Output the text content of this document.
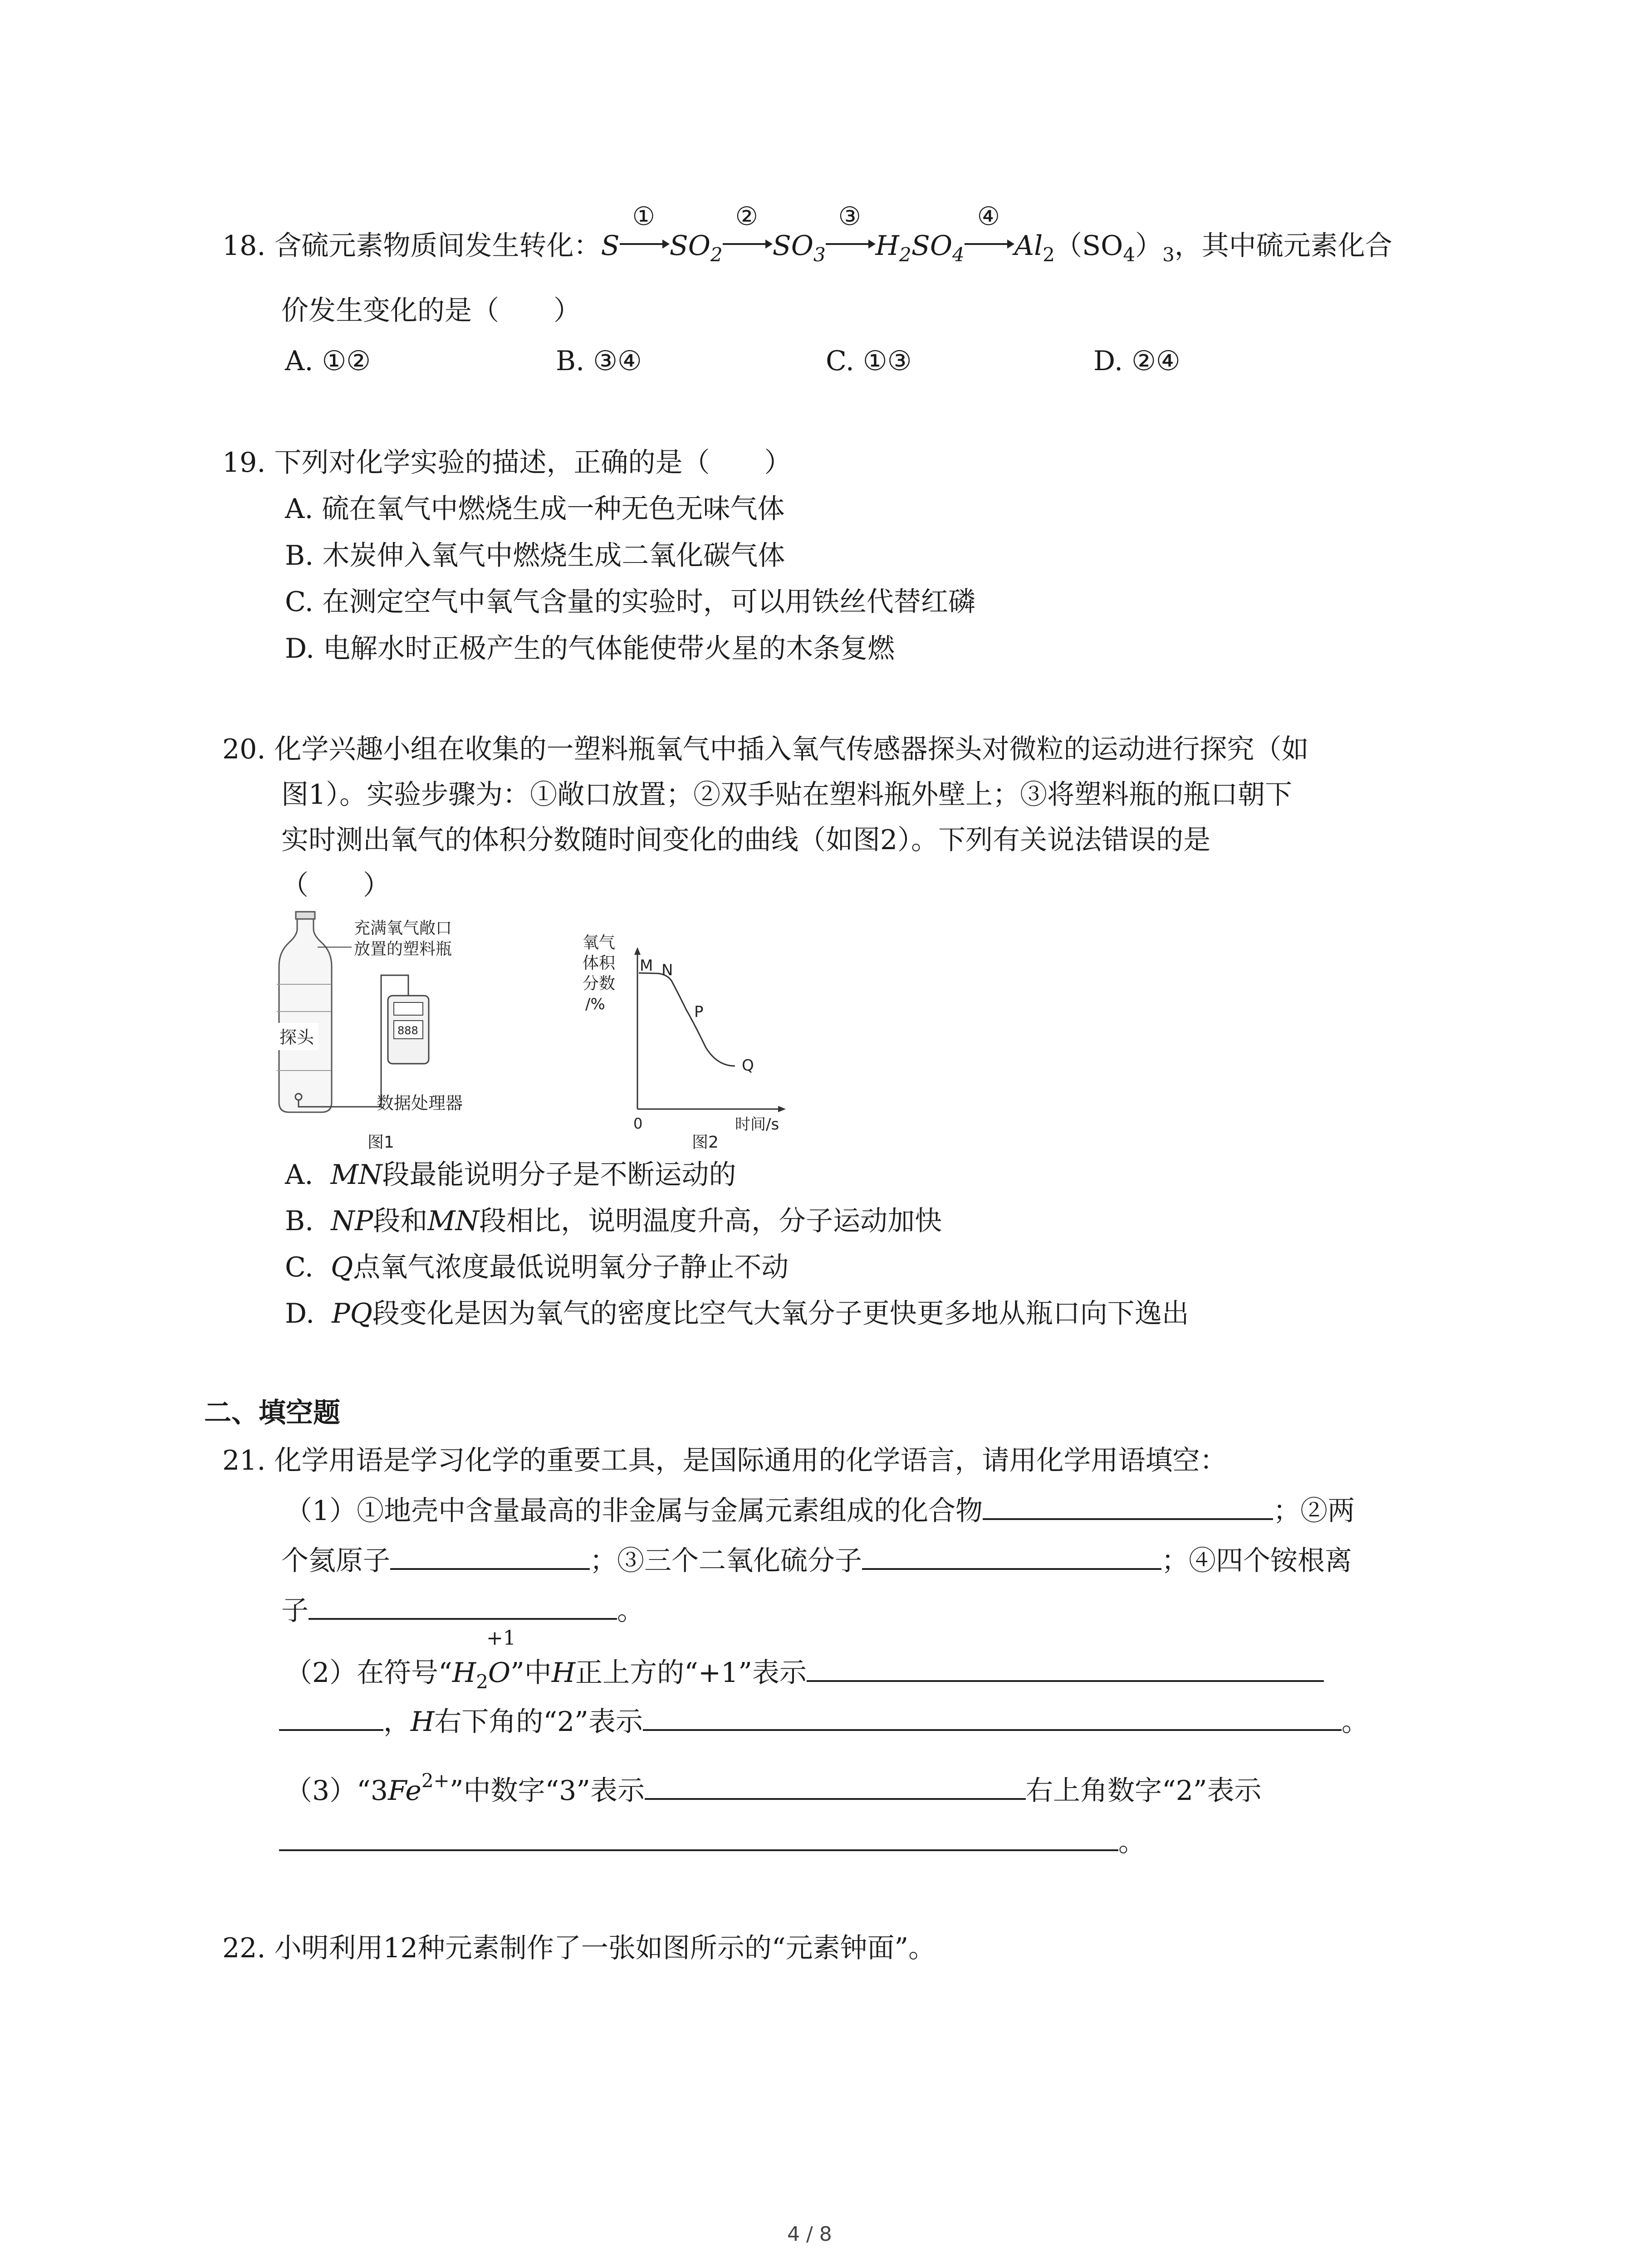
18. 含硫元素物质间发生转化：S
①
$SO_2$
②
$SO_3$
③
$H_2SO_4$
④
$Al_2(SO_4)_3$，其中硫元素化合
价发生变化的是（　　）
A. ①②	B. ③④	C. ①③	D. ②④
19. 下列对化学实验的描述，正确的是（　　）
A. 硫在氧气中燃烧生成一种无色无味气体
B. 木炭伸入氧气中燃烧生成二氧化碳气体
C. 在测定空气中氧气含量的实验时，可以用铁丝代替红磷
D. 电解水时正极产生的气体能使带火星的木条复燃
20. 化学兴趣小组在收集的一塑料瓶氧气中插入氧气传感器探头对微粒的运动进行探究（如
图1）。实验步骤为：①敞口放置；②双手贴在塑料瓶外壁上；③将塑料瓶的瓶口朝下
实时测出氧气的体积分数随时间变化的曲线（如图2）。下列有关说法错误的是
（　　）
探头
充满氧气敞口
放置的塑料瓶
888
数据处理器
图1
氧气
体积
分数
/%
M N
P
Q
0	时间/s
图2
A. MN段最能说明分子是不断运动的
B. NP段和MN段相比，说明温度升高，分子运动加快
C. Q点氧气浓度最低说明氧分子静止不动
D. PQ段变化是因为氧气的密度比空气大氧分子更快更多地从瓶口向下逸出
二、填空题
21. 化学用语是学习化学的重要工具，是国际通用的化学语言，请用化学用语填空：
（1）①地壳中含量最高的非金属与金属元素组成的化合物	；②两
个氦原子	；③三个二氧化硫分子	；④四个铵根离
子	。
+1
（2）在符号“$H_2O$”中H正上方的“+1”表示
，H右下角的“2”表示	。
$(3)“3Fe^{2+}$”中数字“3”表示	右上角数字“2”表示
。
22. 小明利用12种元素制作了一张如图所示的“元素钟面”。
4 / 8
